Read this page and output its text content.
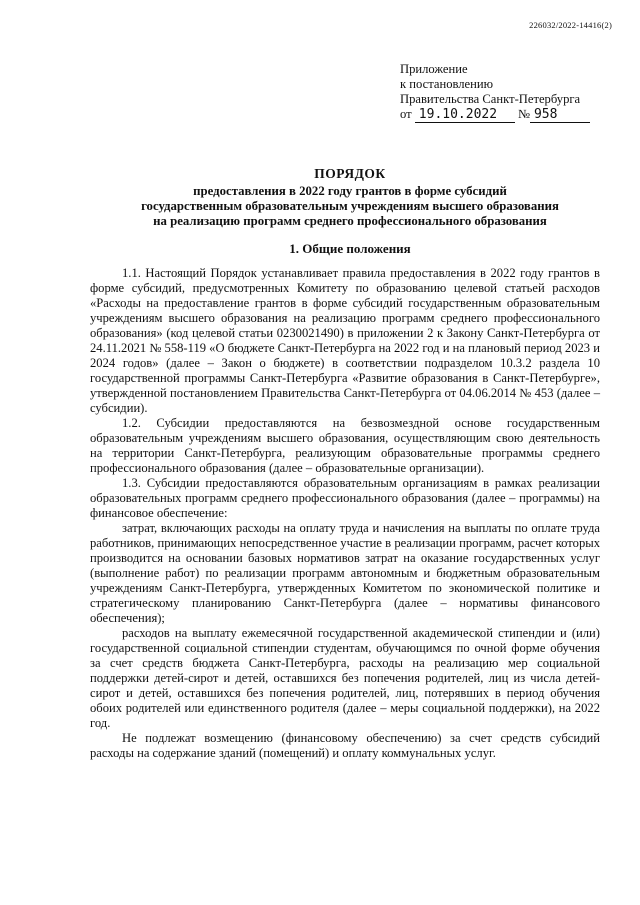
226032/2022-14416(2)
Приложение
к постановлению
Правительства Санкт-Петербурга
от 19.10.2022 № 958
ПОРЯДОК
предоставления в 2022 году грантов в форме субсидий
государственным образовательным учреждениям высшего образования
на реализацию программ среднего профессионального образования
1. Общие положения

1.1. Настоящий Порядок устанавливает правила предоставления в 2022 году грантов в форме субсидий, предусмотренных Комитету по образованию целевой статьей расходов «Расходы на предоставление грантов в форме субсидий государственным образовательным учреждениям высшего образования на реализацию программ среднего профессионального образования» (код целевой статьи 0230021490) в приложении 2 к Закону Санкт-Петербурга от 24.11.2021 № 558-119 «О бюджете Санкт-Петербурга на 2022 год и на плановый период 2023 и 2024 годов» (далее – Закон о бюджете) в соответствии подразделом 10.3.2 раздела 10 государственной программы Санкт-Петербурга «Развитие образования в Санкт-Петербурге», утвержденной постановлением Правительства Санкт-Петербурга от 04.06.2014 № 453 (далее – субсидии).

1.2. Субсидии предоставляются на безвозмездной основе государственным образовательным учреждениям высшего образования, осуществляющим свою деятельность на территории Санкт-Петербурга, реализующим образовательные программы среднего профессионального образования (далее – образовательные организации).

1.3. Субсидии предоставляются образовательным организациям в рамках реализации образовательных программ среднего профессионального образования (далее – программы) на финансовое обеспечение:

затрат, включающих расходы на оплату труда и начисления на выплаты по оплате труда работников, принимающих непосредственное участие в реализации программ, расчет которых производится на основании базовых нормативов затрат на оказание государственных услуг (выполнение работ) по реализации программ автономным и бюджетным образовательным учреждениям Санкт-Петербурга, утвержденных Комитетом по экономической политике и стратегическому планированию Санкт-Петербурга (далее – нормативы финансового обеспечения);

расходов на выплату ежемесячной государственной академической стипендии и (или) государственной социальной стипендии студентам, обучающимся по очной форме обучения за счет средств бюджета Санкт-Петербурга, расходы на реализацию мер социальной поддержки детей-сирот и детей, оставшихся без попечения родителей, лиц из числа детей-сирот и детей, оставшихся без попечения родителей, лиц, потерявших в период обучения обоих родителей или единственного родителя (далее – меры социальной поддержки), на 2022 год.

Не подлежат возмещению (финансовому обеспечению) за счет средств субсидий расходы на содержание зданий (помещений) и оплату коммунальных услуг.
